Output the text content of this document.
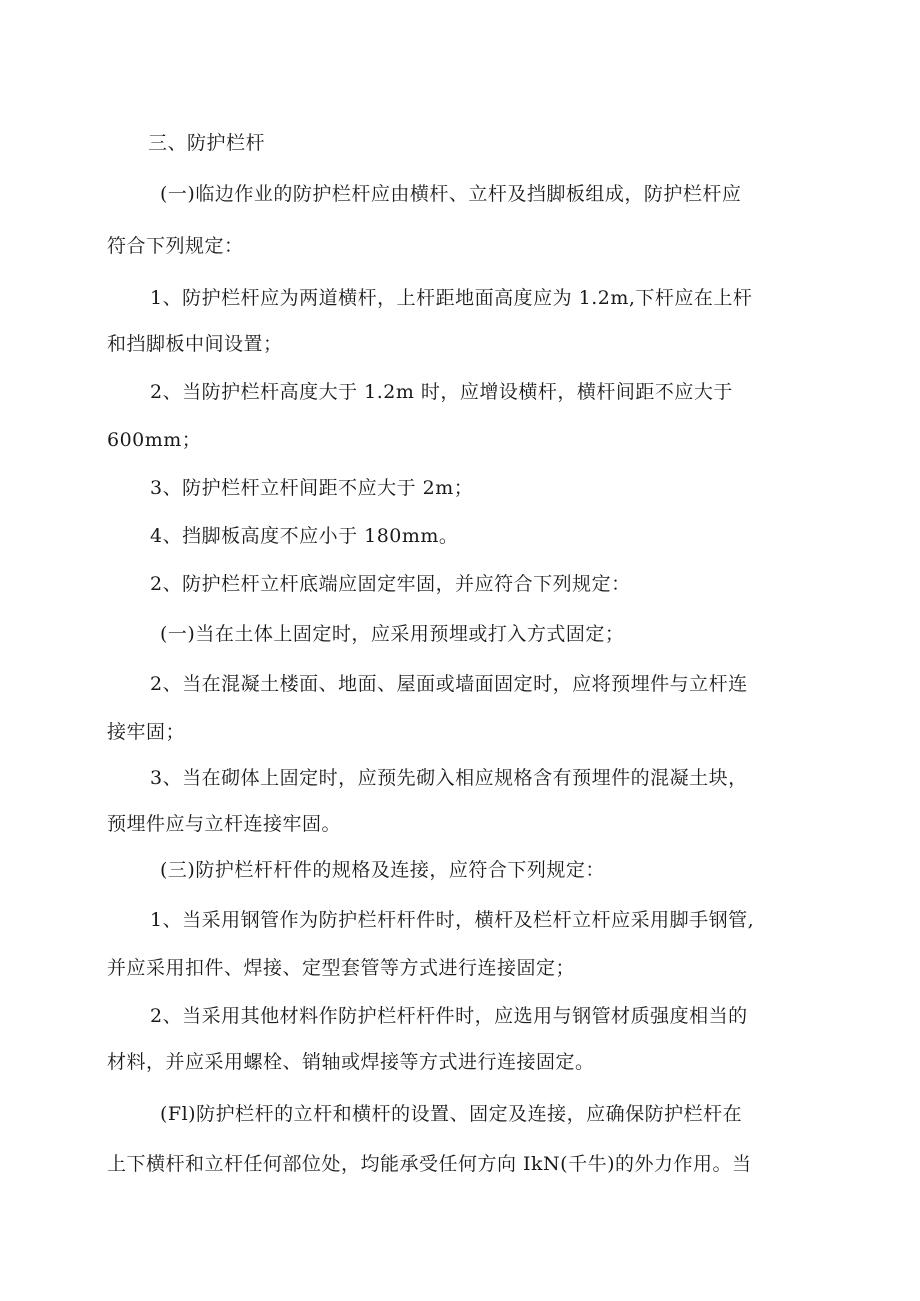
三、防护栏杆

(一)临边作业的防护栏杆应由横杆、立杆及挡脚板组成，防护栏杆应

符合下列规定：

1、防护栏杆应为两道横杆，上杆距地面高度应为 1.2m,下杆应在上杆

和挡脚板中间设置；

2、当防护栏杆高度大于 1.2m 时，应增设横杆，横杆间距不应大于

600mm；

3、防护栏杆立杆间距不应大于 2m；

4、挡脚板高度不应小于 180mm。

2、防护栏杆立杆底端应固定牢固，并应符合下列规定：

(一)当在土体上固定时，应采用预埋或打入方式固定；

2、当在混凝土楼面、地面、屋面或墙面固定时，应将预埋件与立杆连

接牢固；

3、当在砌体上固定时，应预先砌入相应规格含有预埋件的混凝土块，

预埋件应与立杆连接牢固。

(三)防护栏杆杆件的规格及连接，应符合下列规定：

1、当采用钢管作为防护栏杆杆件时，横杆及栏杆立杆应采用脚手钢管,

并应采用扣件、焊接、定型套管等方式进行连接固定；

2、当采用其他材料作防护栏杆杆件时，应选用与钢管材质强度相当的

材料，并应采用螺栓、销轴或焊接等方式进行连接固定。

(Fl)防护栏杆的立杆和横杆的设置、固定及连接，应确保防护栏杆在

上下横杆和立杆任何部位处，均能承受任何方向 IkN(千牛)的外力作用。当
